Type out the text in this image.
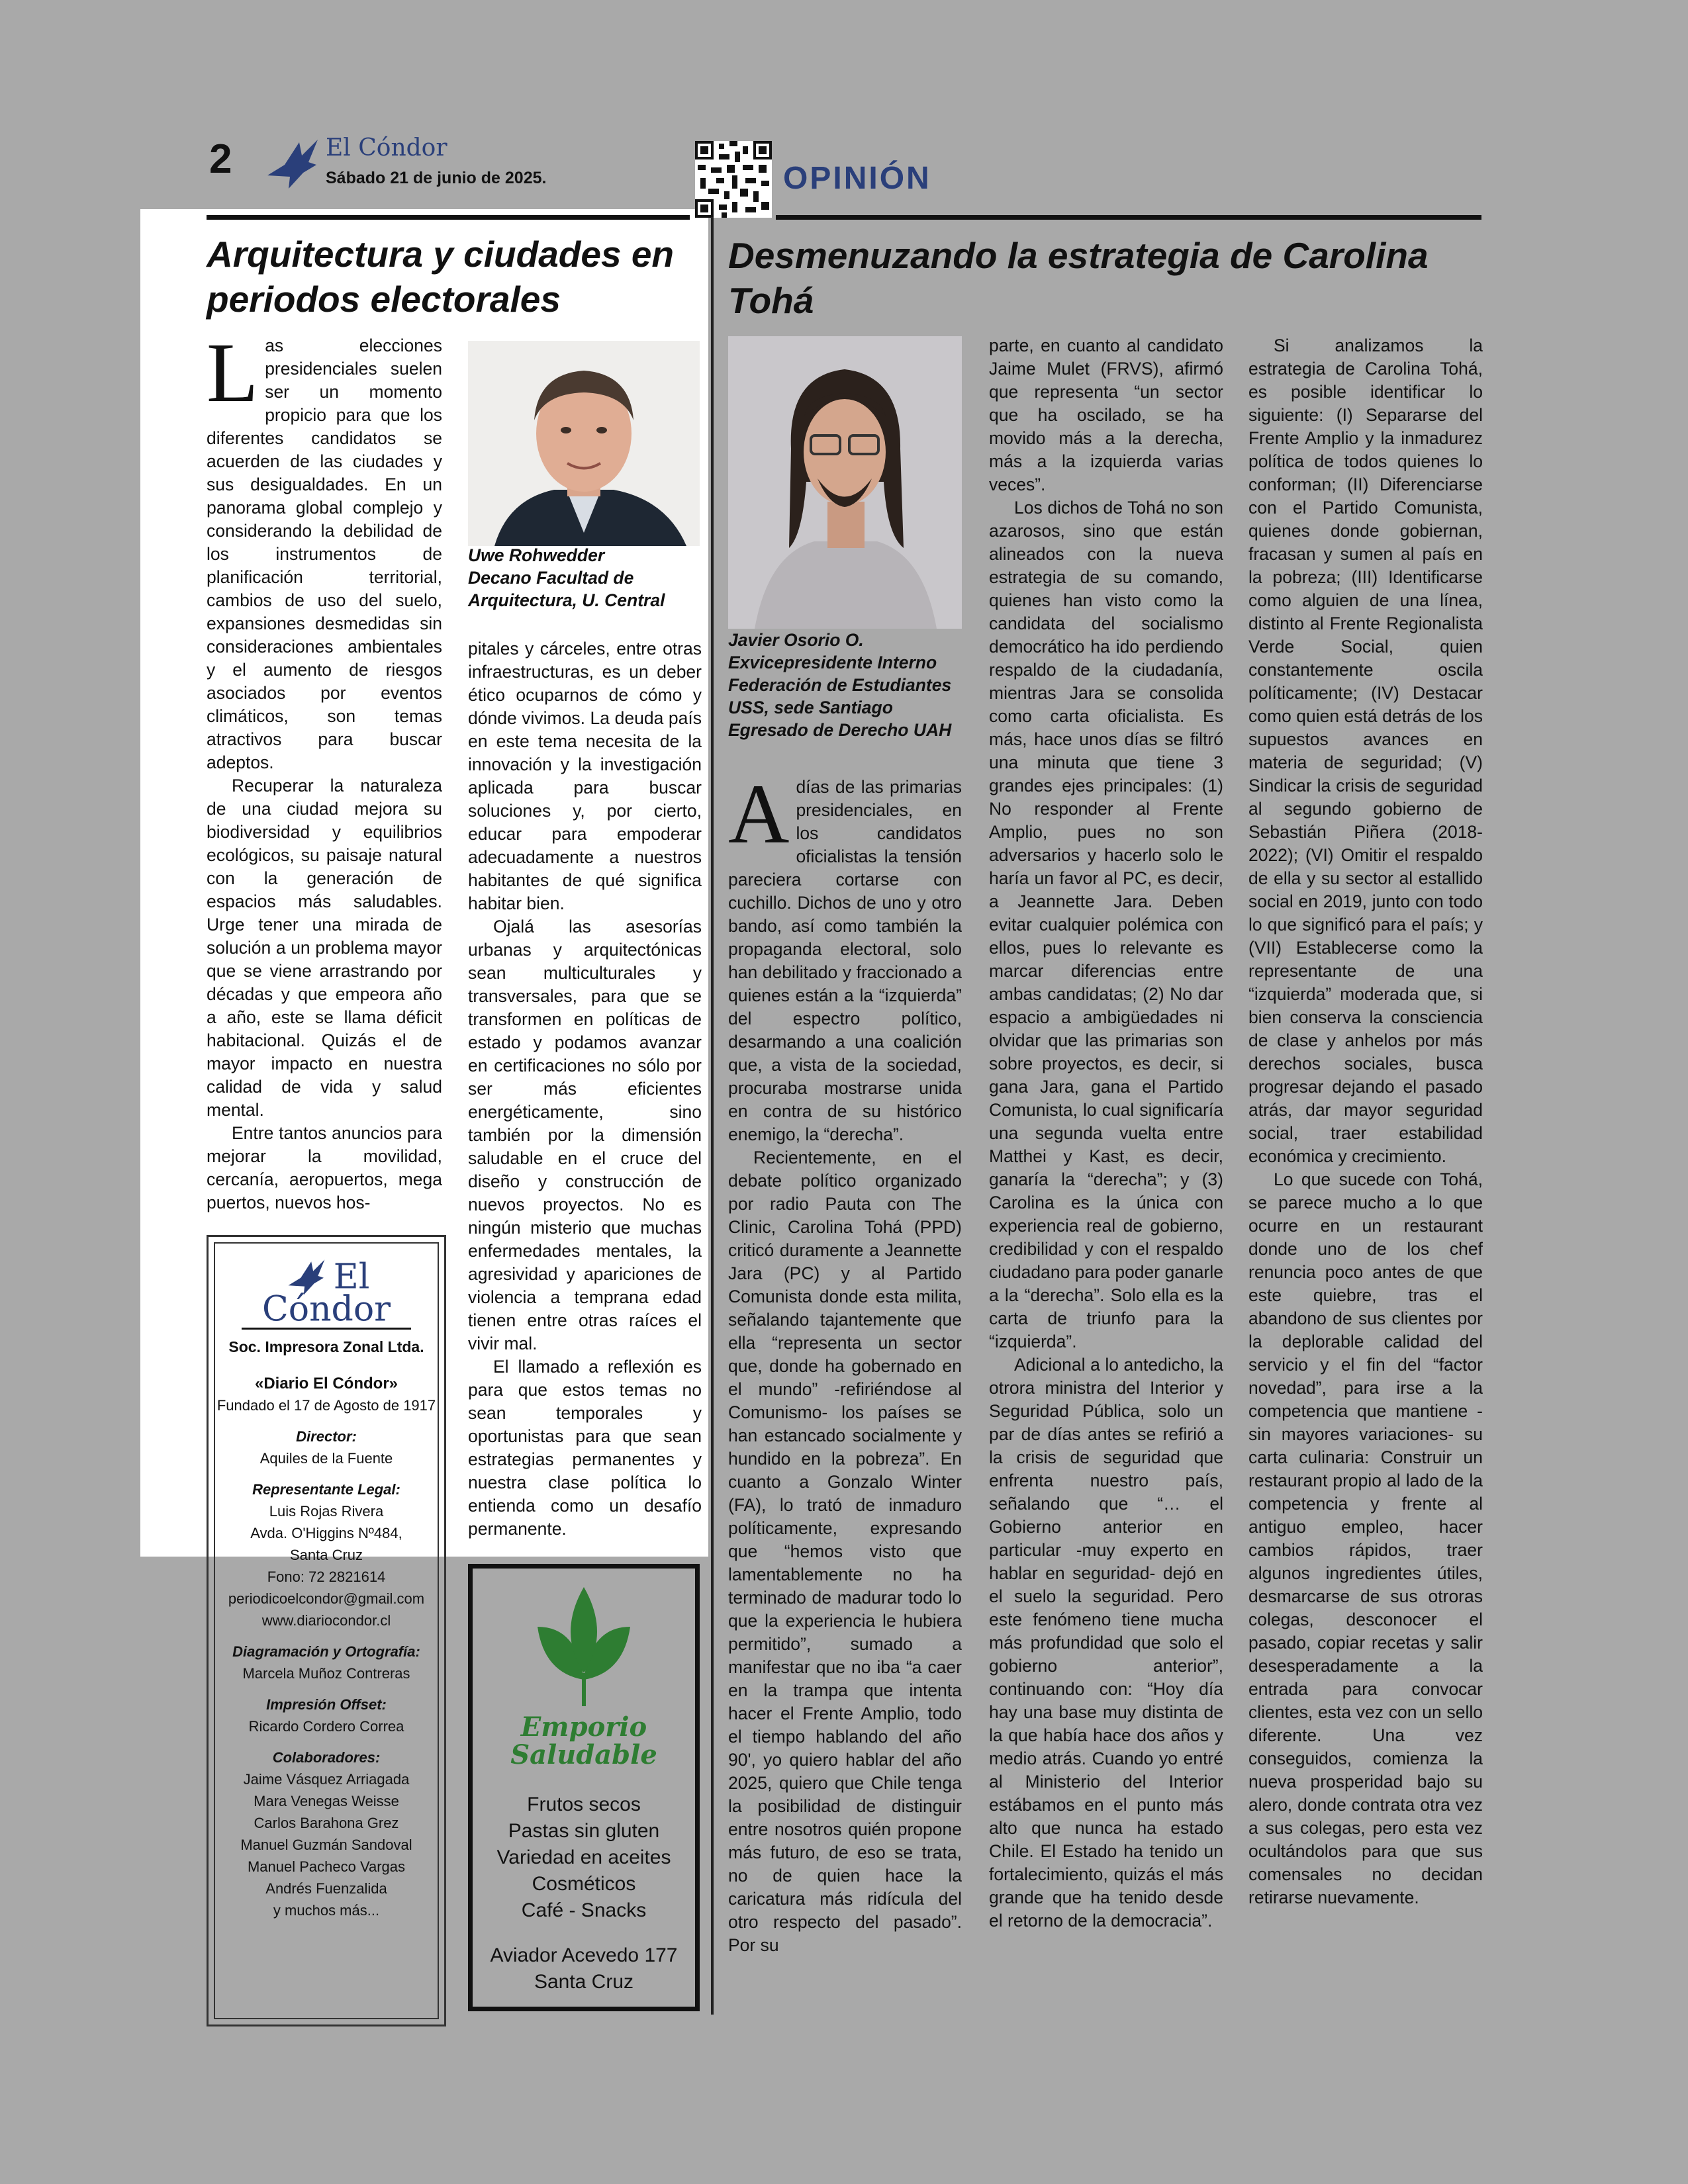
2	El Cóndor
Sábado 21 de junio de 2025.	OPINIÓN
Arquitectura y ciudades en periodos electorales

Las elecciones presidenciales suelen ser un momento propicio para que los diferentes candidatos se acuerden de las ciudades y sus desigualdades. En un panorama global complejo y considerando la debilidad de los instrumentos de planificación territorial, cambios de uso del suelo, expansiones desmedidas sin consideraciones ambientales y el aumento de riesgos asociados por eventos climáticos, son temas atractivos para buscar adeptos.

Recuperar la naturaleza de una ciudad mejora su biodiversidad y equilibrios ecológicos, su paisaje natural con la generación de espacios más saludables. Urge tener una mirada de solución a un problema mayor que se viene arrastrando por décadas y que empeora año a año, este se llama déficit habitacional. Quizás el de mayor impacto en nuestra calidad de vida y salud mental.

Entre tantos anuncios para mejorar la movilidad, cercanía, aeropuertos, mega puertos, nuevos hos-

Uwe Rohwedder
Decano Facultad de
Arquitectura, U. Central

pitales y cárceles, entre otras infraestructuras, es un deber ético ocuparnos de cómo y dónde vivimos. La deuda país en este tema necesita de la innovación y la investigación aplicada para buscar soluciones y, por cierto, educar para empoderar adecuadamente a nuestros habitantes de qué significa habitar bien.

Ojalá las asesorías urbanas y arquitectónicas sean multiculturales y transversales, para que se transformen en políticas de estado y podamos avanzar en certificaciones no sólo por ser más eficientes energéticamente, sino también por la dimensión saludable en el cruce del diseño y construcción de nuevos proyectos. No es ningún misterio que muchas enfermedades mentales, la agresividad y apariciones de violencia a temprana edad tienen entre otras raíces el vivir mal.

El llamado a reflexión es para que estos temas no sean temporales y oportunistas para que sean estrategias permanentes y nuestra clase política lo entienda como un desafío permanente.

El Cóndor
Soc. Impresora Zonal Ltda.
«Diario El Cóndor»
Fundado el 17 de Agosto de 1917
Director:
Aquiles de la Fuente
Representante Legal:
Luis Rojas Rivera
Avda. O'Higgins Nº484,
Santa Cruz
Fono: 72 2821614
periodicoelcondor@gmail.com
www.diariocondor.cl
Diagramación y Ortografía:
Marcela Muñoz Contreras
Impresión Offset:
Ricardo Cordero Correa
Colaboradores:
Jaime Vásquez Arriagada
Mara Venegas Weisse
Carlos Barahona Grez
Manuel Guzmán Sandoval
Manuel Pacheco Vargas
Andrés Fuenzalida
y muchos más...
Emporio
Saludable
Frutos secos
Pastas sin gluten
Variedad en aceites
Cosméticos
Café - Snacks
Aviador Acevedo 177
Santa Cruz
Desmenuzando la estrategia de Carolina Tohá
Javier Osorio O.
Exvicepresidente Interno
Federación de Estudiantes
USS, sede Santiago
Egresado de Derecho UAH

A días de las primarias presidenciales, en los candidatos oficialistas la tensión pareciera cortarse con cuchillo. Dichos de uno y otro bando, así como también la propaganda electoral, solo han debilitado y fraccionado a quienes están a la “izquierda” del espectro político, desarmando a una coalición que, a vista de la sociedad, procuraba mostrarse unida en contra de su histórico enemigo, la “derecha”.

Recientemente, en el debate político organizado por radio Pauta con The Clinic, Carolina Tohá (PPD) criticó duramente a Jeannette Jara (PC) y al Partido Comunista donde esta milita, señalando tajantemente que ella “representa un sector que, donde ha gobernado en el mundo” -refiriéndose al Comunismo- los países se han estancado socialmente y hundido en la pobreza”. En cuanto a Gonzalo Winter (FA), lo trató de inmaduro políticamente, expresando que “hemos visto que lamentablemente no ha terminado de madurar todo lo que la experiencia le hubiera permitido”, sumado a manifestar que no iba “a caer en la trampa que intenta hacer el Frente Amplio, todo el tiempo hablando del año 90', yo quiero hablar del año 2025, quiero que Chile tenga la posibilidad de distinguir entre nosotros quién propone más futuro, de eso se trata, no de quien hace la caricatura más ridícula del otro respecto del pasado”. Por su

parte, en cuanto al candidato Jaime Mulet (FRVS), afirmó que representa “un sector que ha oscilado, se ha movido más a la derecha, más a la izquierda varias veces”.

Los dichos de Tohá no son azarosos, sino que están alineados con la nueva estrategia de su comando, quienes han visto como la candidata del socialismo democrático ha ido perdiendo respaldo de la ciudadanía, mientras Jara se consolida como carta oficialista. Es más, hace unos días se filtró una minuta que tiene 3 grandes ejes principales: (1) No responder al Frente Amplio, pues no son adversarios y hacerlo solo le haría un favor al PC, es decir, a Jeannette Jara. Deben evitar cualquier polémica con ellos, pues lo relevante es marcar diferencias entre ambas candidatas; (2) No dar espacio a ambigüedades ni olvidar que las primarias son sobre proyectos, es decir, si gana Jara, gana el Partido Comunista, lo cual significaría una segunda vuelta entre Matthei y Kast, es decir, ganaría la “derecha”; y (3) Carolina es la única con experiencia real de gobierno, credibilidad y con el respaldo ciudadano para poder ganarle a la “derecha”. Solo ella es la carta de triunfo para la “izquierda”.

Adicional a lo antedicho, la otrora ministra del Interior y Seguridad Pública, solo un par de días antes se refirió a la crisis de seguridad que enfrenta nuestro país, señalando que “… el Gobierno anterior en particular -muy experto en hablar en seguridad- dejó en el suelo la seguridad. Pero este fenómeno tiene mucha más profundidad que solo el gobierno anterior”, continuando con: “Hoy día hay una base muy distinta de la que había hace dos años y medio atrás. Cuando yo entré al Ministerio del Interior estábamos en el punto más alto que nunca ha estado Chile. El Estado ha tenido un fortalecimiento, quizás el más grande que ha tenido desde el retorno de la democracia”.

Si analizamos la estrategia de Carolina Tohá, es posible identificar lo siguiente: (I) Separarse del Frente Amplio y la inmadurez política de todos quienes lo conforman; (II) Diferenciarse con el Partido Comunista, quienes donde gobiernan, fracasan y sumen al país en la pobreza; (III) Identificarse como alguien de una línea, distinto al Frente Regionalista Verde Social, quien constantemente oscila políticamente; (IV) Destacar como quien está detrás de los supuestos avances en materia de seguridad; (V) Sindicar la crisis de seguridad al segundo gobierno de Sebastián Piñera (2018-2022); (VI) Omitir el respaldo de ella y su sector al estallido social en 2019, junto con todo lo que significó para el país; y (VII) Establecerse como la representante de una “izquierda” moderada que, si bien conserva la consciencia de clase y anhelos por más derechos sociales, busca progresar dejando el pasado atrás, dar mayor seguridad social, traer estabilidad económica y crecimiento.

Lo que sucede con Tohá, se parece mucho a lo que ocurre en un restaurant donde uno de los chef renuncia poco antes de que este quiebre, tras el abandono de sus clientes por la deplorable calidad del servicio y el fin del “factor novedad”, para irse a la competencia que mantiene -sin mayores variaciones- su carta culinaria: Construir un restaurant propio al lado de la competencia y frente al antiguo empleo, hacer cambios rápidos, traer algunos ingredientes útiles, desmarcarse de sus otroras colegas, desconocer el pasado, copiar recetas y salir desesperadamente a la entrada para convocar clientes, esta vez con un sello diferente. Una vez conseguidos, comienza la nueva prosperidad bajo su alero, donde contrata otra vez a sus colegas, pero esta vez ocultándolos para que sus comensales no decidan retirarse nuevamente.
